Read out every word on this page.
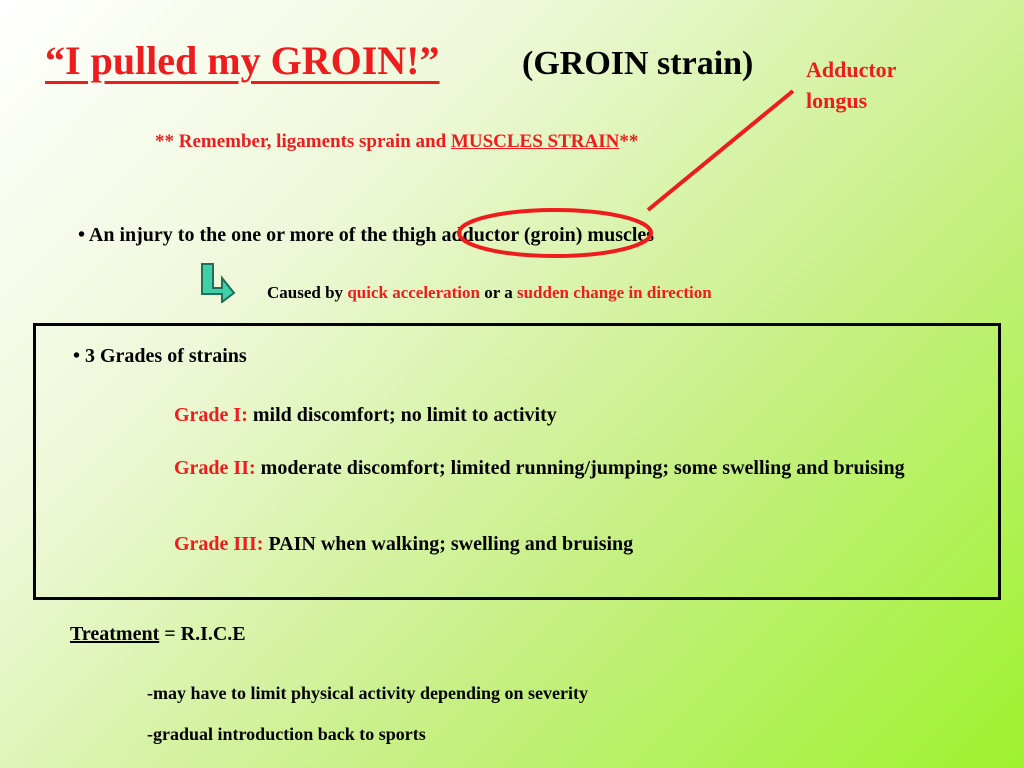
“I pulled my GROIN!” (GROIN strain) Adductor
longus
** Remember, ligaments sprain and MUSCLES STRAIN**
• An injury to the one or more of the thigh adductor (groin) muscles
Caused by quick acceleration or a sudden change in direction
• 3 Grades of strains
Grade I: mild discomfort; no limit to activity
Grade II: moderate discomfort; limited running/jumping; some swelling and bruising
Grade III: PAIN when walking; swelling and bruising
Treatment = R.I.C.E
-may have to limit physical activity depending on severity
-gradual introduction back to sports
